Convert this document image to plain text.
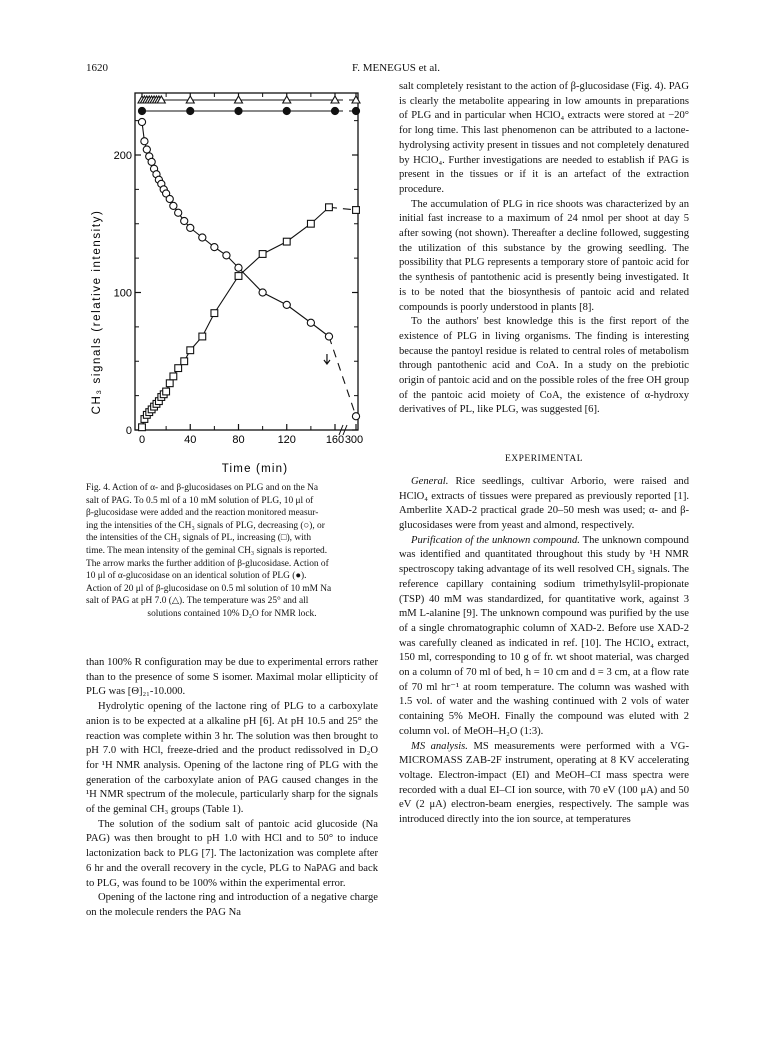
1620	F. MENEGUS et al.
0
100
200
0	40	80	120	160 300
CH₃ signals (relative intensity)
Time (min)
Fig. 4. Action of α- and β-glucosidases on PLG and on the Na
salt of PAG. To 0.5 ml of a 10 mM solution of PLG, 10 μl of
β-glucosidase were added and the reaction monitored measur-
ing the intensities of the CH₃ signals of PLG, decreasing (○), or
the intensities of the CH₃ signals of PL, increasing (□), with
time. The mean intensity of the geminal CH₃ signals is reported.
The arrow marks the further addition of β-glucosidase. Action of
10 μl of α-glucosidase on an identical solution of PLG (●).
Action of 20 μl of β-glucosidase on 0.5 ml solution of 10 mM Na
salt of PAG at pH 7.0 (△). The temperature was 25° and all
solutions contained 10% D₂O for NMR lock.

than 100% R configuration may be due to experimental errors rather than to the presence of some S isomer. Maximal molar ellipticity of PLG was [Θ]₂₁-10.000.

Hydrolytic opening of the lactone ring of PLG to a carboxylate anion is to be expected at a alkaline pH [6]. At pH 10.5 and 25° the reaction was complete within 3 hr. The solution was then brought to pH 7.0 with HCl, freeze-dried and the product redissolved in D₂O for ¹H NMR analysis. Opening of the lactone ring of PLG with the generation of the carboxylate anion of PAG caused changes in the ¹H NMR spectrum of the molecule, particularly sharp for the signals of the geminal CH₃ groups (Table 1).

The solution of the sodium salt of pantoic acid glucoside (Na PAG) was then brought to pH 1.0 with HCl and to 50° to induce lactonization back to PLG [7]. The lactonization was complete after 6 hr and the overall recovery in the cycle, PLG to NaPAG and back to PLG, was found to be 100% within the experimental error.

Opening of the lactone ring and introduction of a negative charge on the molecule renders the PAG Na

salt completely resistant to the action of β-glucosidase (Fig. 4). PAG is clearly the metabolite appearing in low amounts in preparations of PLG and in particular when HClO₄ extracts were stored at −20° for long time. This last phenomenon can be attributed to a lactone-hydrolysing activity present in tissues and not completely denatured by HClO₄. Further investigations are needed to establish if PAG is present in the tissues or if it is an artefact of the extraction procedure.

The accumulation of PLG in rice shoots was characterized by an initial fast increase to a maximum of 24 nmol per shoot at day 5 after sowing (not shown). Thereafter a decline followed, suggesting the utilization of this substance by the growing seedling. The possibility that PLG represents a temporary store of pantoic acid for the synthesis of pantothenic acid is presently being investigated. It is to be noted that the biosynthesis of pantoic acid and related compounds is poorly understood in plants [8].

To the authors' best knowledge this is the first report of the existence of PLG in living organisms. The finding is interesting because the pantoyl residue is related to central roles of metabolism through pantothenic acid and CoA. In a study on the prebiotic origin of pantoic acid and on the possible roles of the free OH group of the pantoic acid moiety of CoA, the existence of α-hydroxy derivatives of PL, like PLG, was suggested [6].

EXPERIMENTAL

General. Rice seedlings, cultivar Arborio, were raised and HClO₄ extracts of tissues were prepared as previously reported [1]. Amberlite XAD-2 practical grade 20–50 mesh was used; α- and β-glucosidases were from yeast and almond, respectively.

Purification of the unknown compound. The unknown compound was identified and quantitated throughout this study by ¹H NMR spectroscopy taking advantage of its well resolved CH₃ signals. The reference capillary containing sodium trimethylsylil-propionate (TSP) 40 mM was standardized, for quantitative work, against 3 mM L-alanine [9]. The unknown compound was purified by the use of a single chromatographic column of XAD-2. Before use XAD-2 was carefully cleaned as indicated in ref. [10]. The HClO₄ extract, 150 ml, corresponding to 10 g of fr. wt shoot material, was charged on a column of 70 ml of bed, h = 10 cm and d = 3 cm, at a flow rate of 70 ml hr⁻¹ at room temperature. The column was washed with 1.5 vol. of water and the washing continued with 2 vols of water containing 5% MeOH. Finally the compound was eluted with 2 column vol. of MeOH–H₂O (1:3).

MS analysis. MS measurements were performed with a VG-MICROMASS ZAB-2F instrument, operating at 8 KV accelerating voltage. Electron-impact (EI) and MeOH–CI mass spectra were recorded with a dual EI–CI ion source, with 70 eV (100 μA) and 50 eV (2 μA) electron-beam energies, respectively. The sample was introduced directly into the ion source, at temperatures
